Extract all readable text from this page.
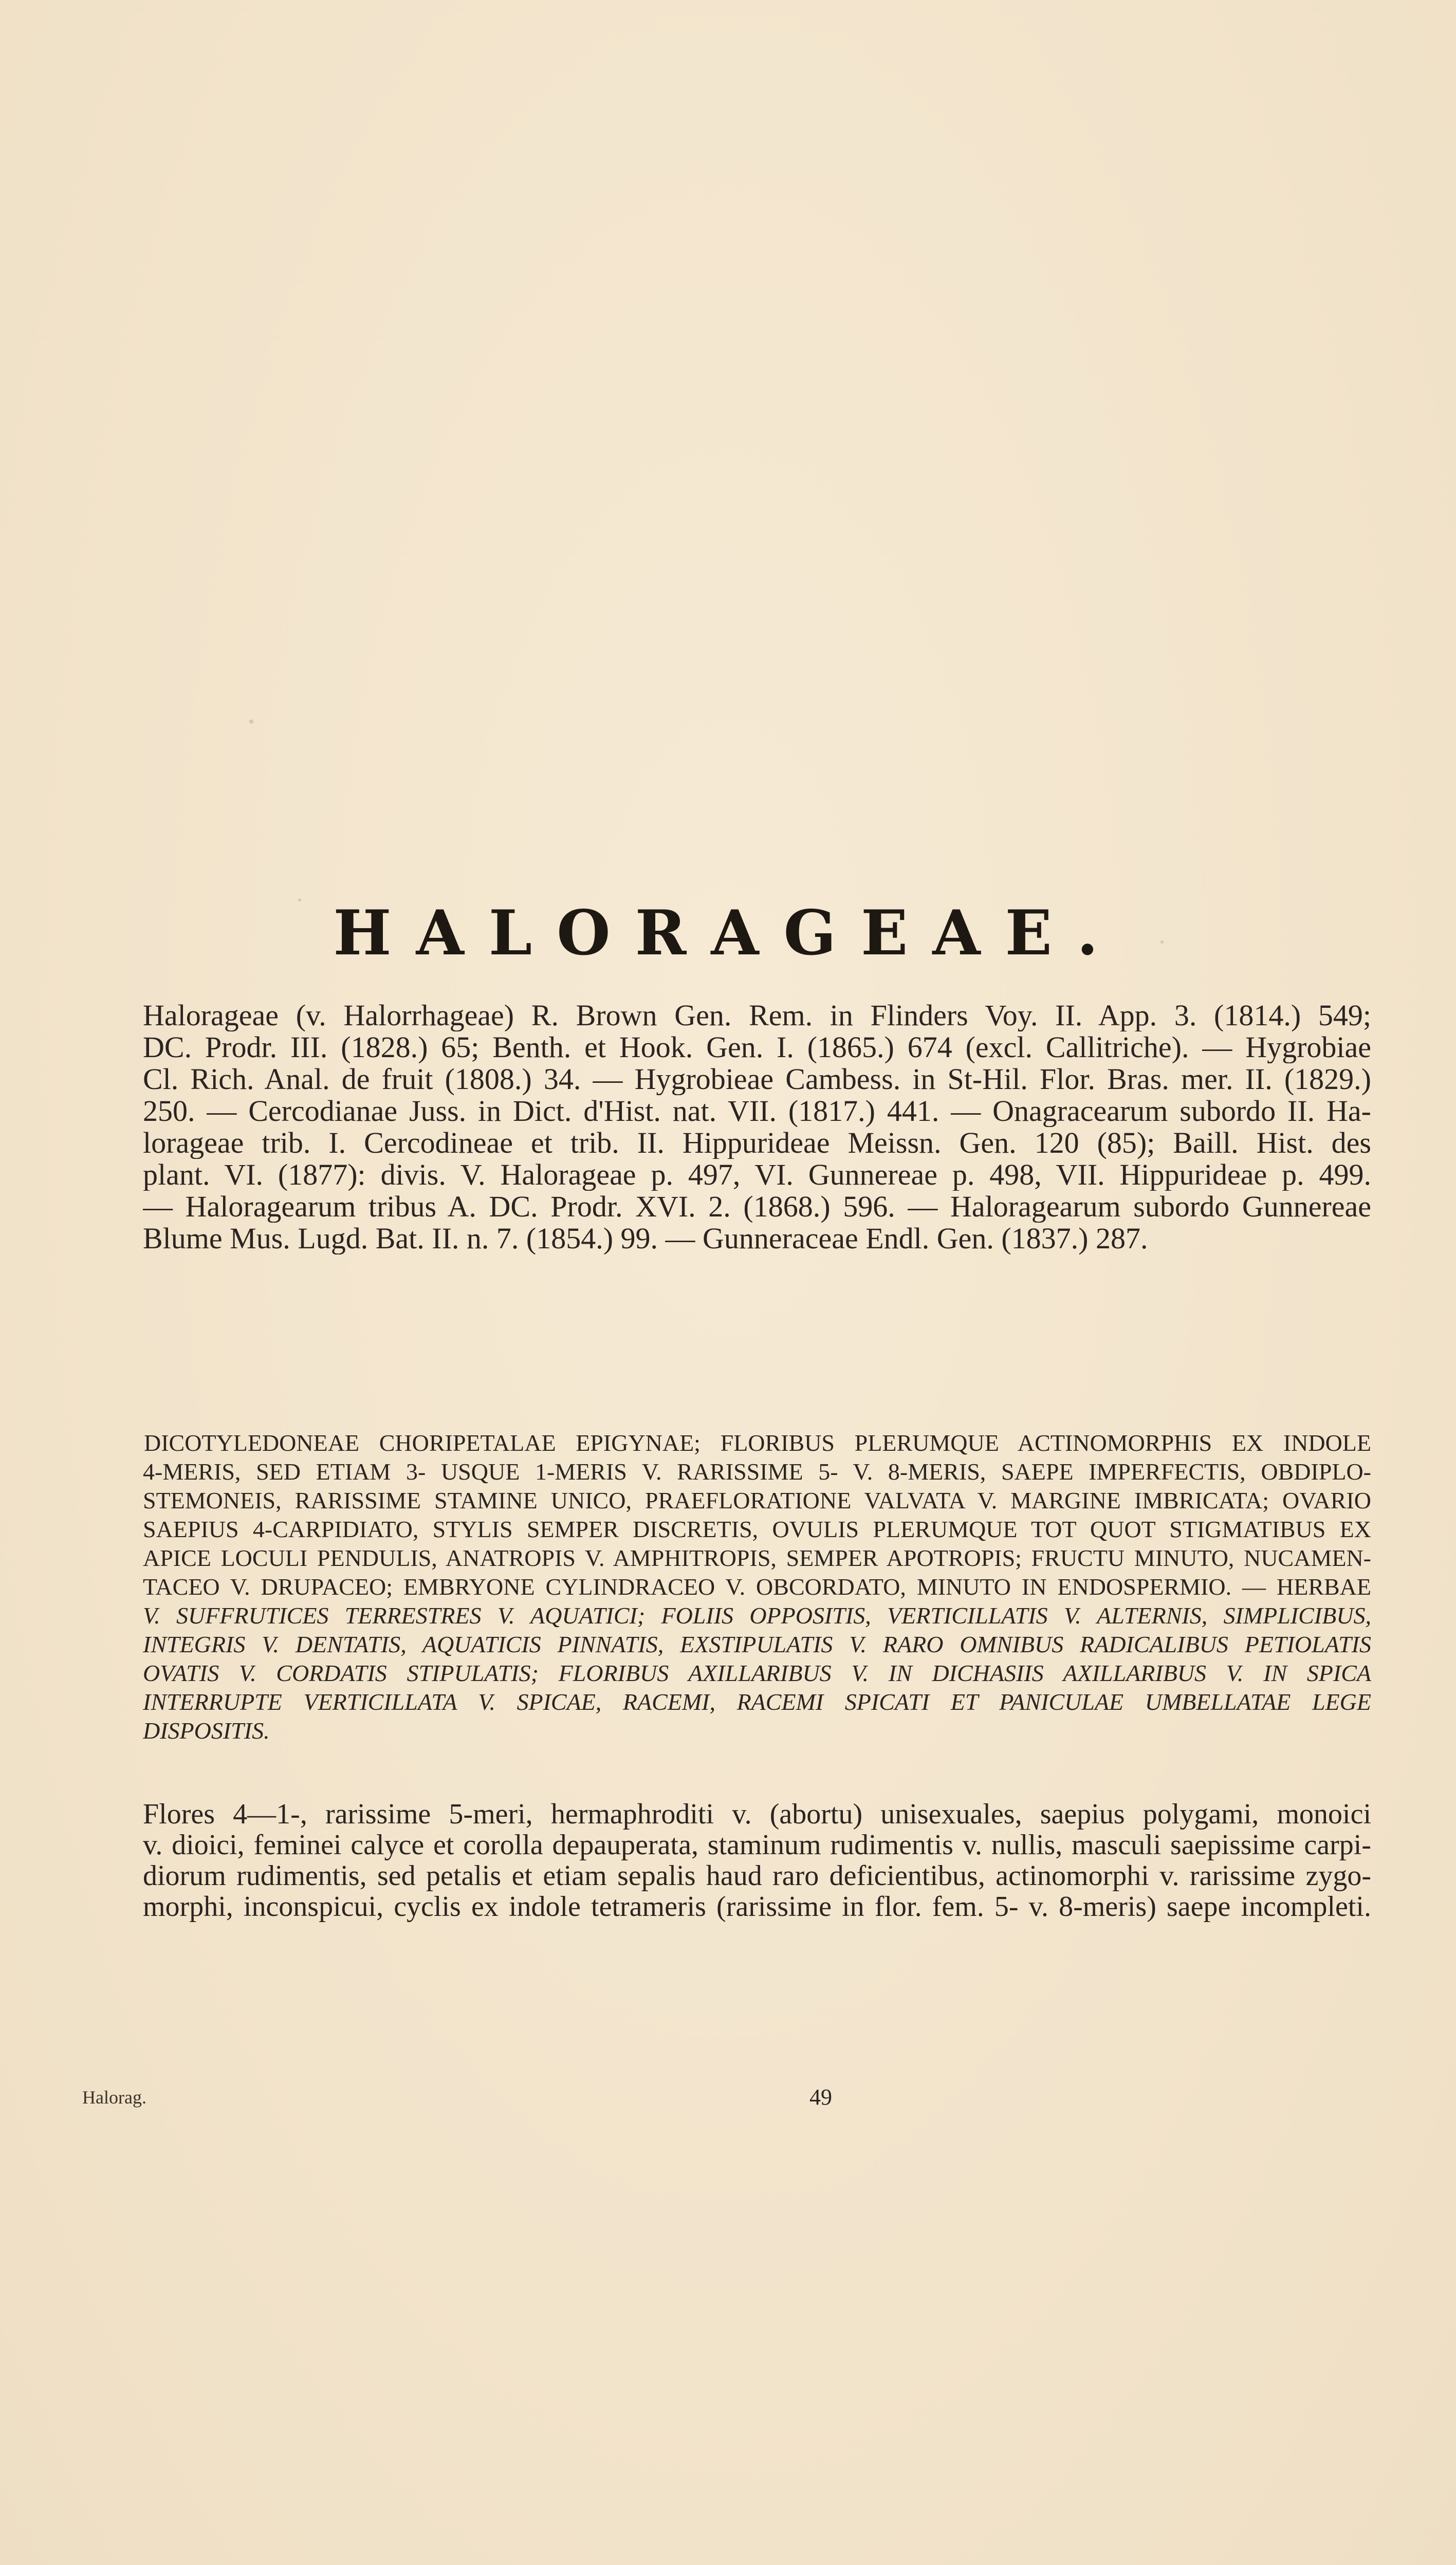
HALORAGEAE.
Halorageae (v. Halorrhageae) R. Brown Gen. Rem. in Flinders Voy. II. App. 3. (1814.) 549;
DC. Prodr. III. (1828.) 65; Benth. et Hook. Gen. I. (1865.) 674 (excl. Callitriche). — Hygrobiae
Cl. Rich. Anal. de fruit (1808.) 34. — Hygrobieae Cambess. in St-Hil. Flor. Bras. mer. II. (1829.)
250. — Cercodianae Juss. in Dict. d'Hist. nat. VII. (1817.) 441. — Onagracearum subordo II. Ha-
lorageae trib. I. Cercodineae et trib. II. Hippurideae Meissn. Gen. 120 (85); Baill. Hist. des
plant. VI. (1877): divis. V. Halorageae p. 497, VI. Gunnereae p. 498, VII. Hippurideae p. 499.
— Haloragearum tribus A. DC. Prodr. XVI. 2. (1868.) 596. — Haloragearum subordo Gunnereae
Blume Mus. Lugd. Bat. II. n. 7. (1854.) 99. — Gunneraceae Endl. Gen. (1837.) 287.
DICOTYLEDONEAE CHORIPETALAE EPIGYNAE; FLORIBUS PLERUMQUE ACTINOMORPHIS EX INDOLE
4-MERIS, SED ETIAM 3- USQUE 1-MERIS V. RARISSIME 5- V. 8-MERIS, SAEPE IMPERFECTIS, OBDIPLO-
STEMONEIS, RARISSIME STAMINE UNICO, PRAEFLORATIONE VALVATA V. MARGINE IMBRICATA; OVARIO
SAEPIUS 4-CARPIDIATO, STYLIS SEMPER DISCRETIS, OVULIS PLERUMQUE TOT QUOT STIGMATIBUS EX
APICE LOCULI PENDULIS, ANATROPIS V. AMPHITROPIS, SEMPER APOTROPIS; FRUCTU MINUTO, NUCAMEN-
TACEO V. DRUPACEO; EMBRYONE CYLINDRACEO V. OBCORDATO, MINUTO IN ENDOSPERMIO. — HERBAE
V. SUFFRUTICES TERRESTRES V. AQUATICI; FOLIIS OPPOSITIS, VERTICILLATIS V. ALTERNIS, SIMPLICIBUS,
INTEGRIS V. DENTATIS, AQUATICIS PINNATIS, EXSTIPULATIS V. RARO OMNIBUS RADICALIBUS PETIOLATIS
OVATIS V. CORDATIS STIPULATIS; FLORIBUS AXILLARIBUS V. IN DICHASIIS AXILLARIBUS V. IN SPICA
INTERRUPTE VERTICILLATA V. SPICAE, RACEMI, RACEMI SPICATI ET PANICULAE UMBELLATAE LEGE
DISPOSITIS.
Flores 4—1-, rarissime 5-meri, hermaphroditi v. (abortu) unisexuales, saepius polygami, monoici
v. dioici, feminei calyce et corolla depauperata, staminum rudimentis v. nullis, masculi saepissime carpi-
diorum rudimentis, sed petalis et etiam sepalis haud raro deficientibus, actinomorphi v. rarissime zygo-
morphi, inconspicui, cyclis ex indole tetrameris (rarissime in flor. fem. 5- v. 8-meris) saepe incompleti.
Halorag.	49
